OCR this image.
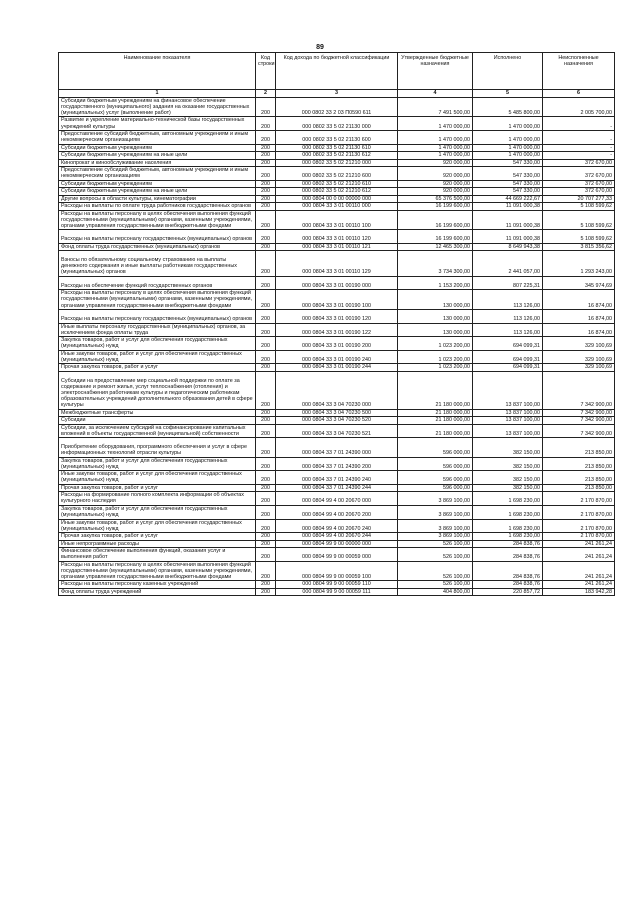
89
Наименование показателя	Код строки	Код дохода по бюджетной классификации	Утвержденные бюджетные назначения	Исполнено	Неисполненные назначения
1	2	3	4	5	6
Субсидии бюджетным учреждениям на финансовое обеспечение государственного (муниципального) задания на оказание государственных (муниципальных) услуг (выполнение работ)	200	000 0802 33 2 03 П0590 611	7 491 500,00	5 485 800,00	2 005 700,00
Развитие и укрепление материально-технической базы государственных учреждений культуры	200	000 0802 33 5 02 21130 000	1 470 000,00	1 470 000,00	-
Предоставление субсидий бюджетным, автономным учреждениям и иным некоммерческим организациям	200	000 0802 33 5 02 21130 600	1 470 000,00	1 470 000,00	-
Субсидии бюджетным учреждениям	200	000 0802 33 5 02 21130 610	1 470 000,00	1 470 000,00	-
Субсидии бюджетным учреждениям на иные цели	200	000 0802 33 5 02 21130 612	1 470 000,00	1 470 000,00	-
Кинопрокат и кинообслуживание населения	200	000 0802 33 5 02 21210 000	920 000,00	547 330,00	372 670,00
Предоставление субсидий бюджетным, автономным учреждениям и иным некоммерческим организациям	200	000 0802 33 5 02 21210 600	920 000,00	547 330,00	372 670,00
Субсидии бюджетным учреждениям	200	000 0802 33 5 02 21210 610	920 000,00	547 330,00	372 670,00
Субсидии бюджетным учреждениям на иные цели	200	000 0802 33 5 02 21210 612	920 000,00	547 330,00	372 670,00
Другие вопросы в области культуры, кинематографии	200	000 0804 00 0 00 00000 000	65 376 500,00	44 669 222,67	20 707 277,33
Расходы на выплаты по оплате труда работников государственных органов	200	000 0804 33 3 01 00110 000	16 199 600,00	11 091 000,38	5 108 599,62
Расходы на выплаты персоналу в целях обеспечения выполнения функций государственными (муниципальными) органами, казенными учреждениями, органами управления государственными внебюджетными фондами	200	000 0804 33 3 01 00110 100	16 199 600,00	11 091 000,38	5 108 599,62
Расходы на выплаты персоналу государственных (муниципальных) органов	200	000 0804 33 3 01 00110 120	16 199 600,00	11 091 000,38	5 108 599,62
Фонд оплаты труда государственных (муниципальных) органов	200	000 0804 33 3 01 00110 121	12 465 300,00	8 649 943,38	3 815 356,62
Взносы по обязательному социальному страхованию на выплаты денежного содержания и иные выплаты работникам государственных (муниципальных) органов	200	000 0804 33 3 01 00110 129	3 734 300,00	2 441 057,00	1 293 243,00
Расходы на обеспечение функций государственных органов	200	000 0804 33 3 01 00190 000	1 153 200,00	807 225,31	345 974,69
Расходы на выплаты персоналу в целях обеспечения выполнения функций государственными (муниципальными) органами, казенными учреждениями, органами управления государственными внебюджетными фондами	200	000 0804 33 3 01 00190 100	130 000,00	113 126,00	16 874,00
Расходы на выплаты персоналу государственных (муниципальных) органов	200	000 0804 33 3 01 00190 120	130 000,00	113 126,00	16 874,00
Иные выплаты персоналу государственных (муниципальных) органов, за исключением фонда оплаты труда	200	000 0804 33 3 01 00190 122	130 000,00	113 126,00	16 874,00
Закупка товаров, работ и услуг для обеспечения государственных (муниципальных) нужд	200	000 0804 33 3 01 00190 200	1 023 200,00	694 099,31	329 100,69
Иные закупки товаров, работ и услуг для обеспечения государственных (муниципальных) нужд	200	000 0804 33 3 01 00190 240	1 023 200,00	694 099,31	329 100,69
Прочая закупка товаров, работ и услуг	200	000 0804 33 3 01 00190 244	1 023 200,00	694 099,31	329 100,69
Субсидии на предоставление мер социальной поддержки по оплате за содержание и ремонт жилья, услуг теплоснабжения (отопления) и электроснабжения работникам культуры и педагогическим работникам образовательных учреждений дополнительного образования детей в сфере культуры	200	000 0804 33 3 04 70230 000	21 180 000,00	13 837 100,00	7 342 900,00
Межбюджетные трансферты	200	000 0804 33 3 04 70230 500	21 180 000,00	13 837 100,00	7 342 900,00
Субсидии	200	000 0804 33 3 04 70230 520	21 180 000,00	13 837 100,00	7 342 900,00
Субсидии, за исключением субсидий на софинансирование капитальных вложений в объекты государственной (муниципальной) собственности	200	000 0804 33 3 04 70230 521	21 180 000,00	13 837 100,00	7 342 900,00
Приобретение оборудования, программного обеспечения и услуг в сфере информационных технологий отрасли культуры	200	000 0804 33 7 01 24390 000	596 000,00	382 150,00	213 850,00
Закупка товаров, работ и услуг для обеспечения государственных (муниципальных) нужд	200	000 0804 33 7 01 24390 200	596 000,00	382 150,00	213 850,00
Иные закупки товаров, работ и услуг для обеспечения государственных (муниципальных) нужд	200	000 0804 33 7 01 24390 240	596 000,00	382 150,00	213 850,00
Прочая закупка товаров, работ и услуг	200	000 0804 33 7 01 24390 244	596 000,00	382 150,00	213 850,00
Расходы на формирование полного комплекта информации об объектах культурного наследия	200	000 0804 99 4 00 20670 000	3 869 100,00	1 698 230,00	2 170 870,00
Закупка товаров, работ и услуг для обеспечения государственных (муниципальных) нужд	200	000 0804 99 4 00 20670 200	3 869 100,00	1 698 230,00	2 170 870,00
Иные закупки товаров, работ и услуг для обеспечения государственных (муниципальных) нужд	200	000 0804 99 4 00 20670 240	3 869 100,00	1 698 230,00	2 170 870,00
Прочая закупка товаров, работ и услуг	200	000 0804 99 4 00 20670 244	3 869 100,00	1 698 230,00	2 170 870,00
Иные непрограммные расходы	200	000 0804 99 9 00 00000 000	526 100,00	284 838,76	241 261,24
Финансовое обеспечение выполнения функций, оказания услуг и выполнения работ	200	000 0804 99 9 00 00059 000	526 100,00	284 838,76	241 261,24
Расходы на выплаты персоналу в целях обеспечения выполнения функций государственными (муниципальными) органами, казенными учреждениями, органами управления государственными внебюджетными фондами	200	000 0804 99 9 00 00059 100	526 100,00	284 838,76	241 261,24
Расходы на выплаты персоналу казенных учреждений	200	000 0804 99 9 00 00059 110	526 100,00	284 838,76	241 261,24
Фонд оплаты труда учреждений	200	000 0804 99 9 00 00059 111	404 800,00	220 857,72	183 942,28
